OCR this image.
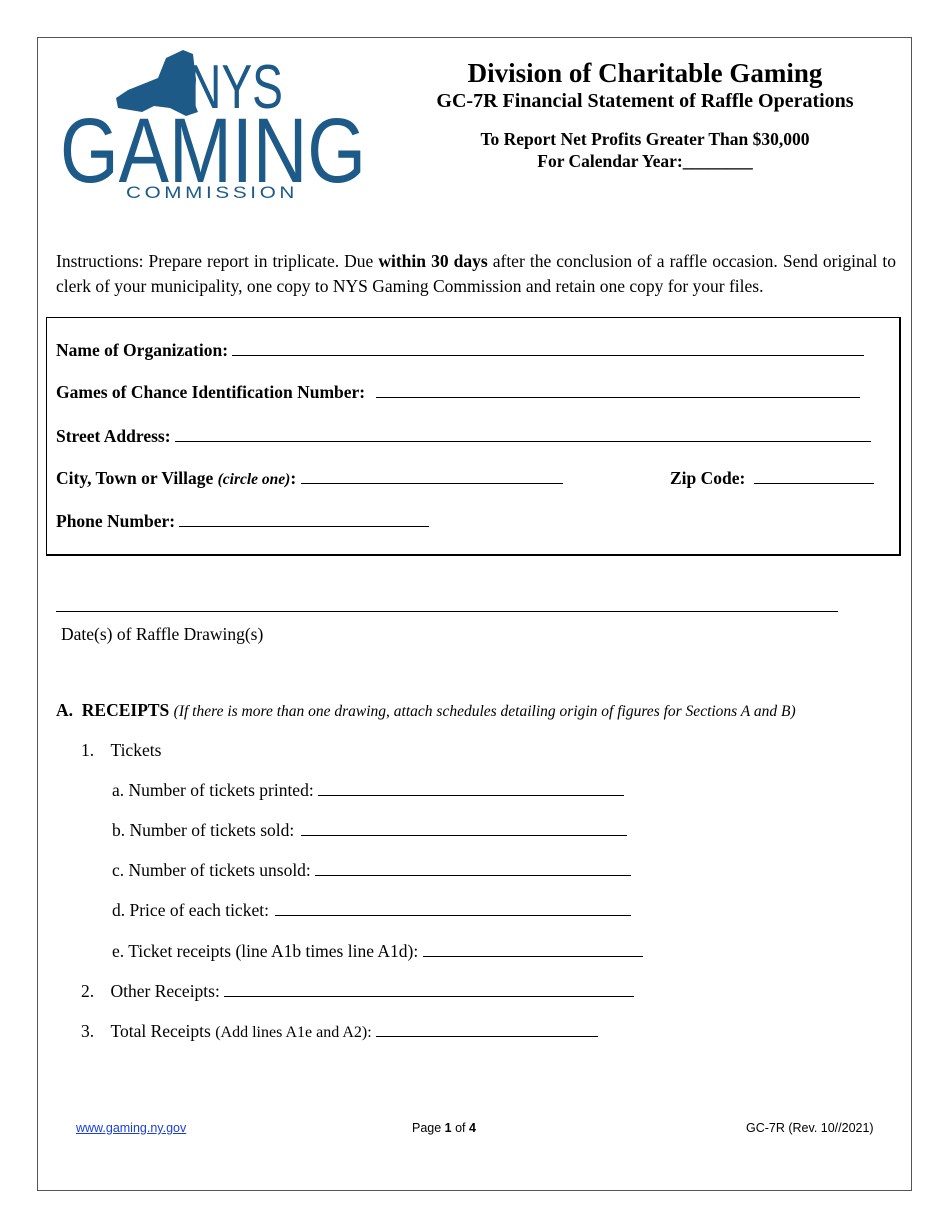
NYS
GAMING
COMMISSION
Division of Charitable Gaming
GC-7R Financial Statement of Raffle Operations
To Report Net Profits Greater Than $30,000
For Calendar Year:________
Instructions: Prepare report in triplicate. Due within 30 days after the conclusion of a raffle occasion. Send original to clerk of your municipality, one copy to NYS Gaming Commission and retain one copy for your files.
Name of Organization:
Games of Chance Identification Number:
Street Address:
City, Town or Village (circle one):	Zip Code:
Phone Number:
Date(s) of Raffle Drawing(s)
A. RECEIPTS (If there is more than one drawing, attach schedules detailing origin of figures for Sections A and B)
1. Tickets
a. Number of tickets printed:
b. Number of tickets sold:
c. Number of tickets unsold:
d. Price of each ticket:
e. Ticket receipts (line A1b times line A1d):
2. Other Receipts:
3. Total Receipts (Add lines A1e and A2):
www.gaming.ny.gov	Page 1 of 4	GC-7R (Rev. 10//2021)
